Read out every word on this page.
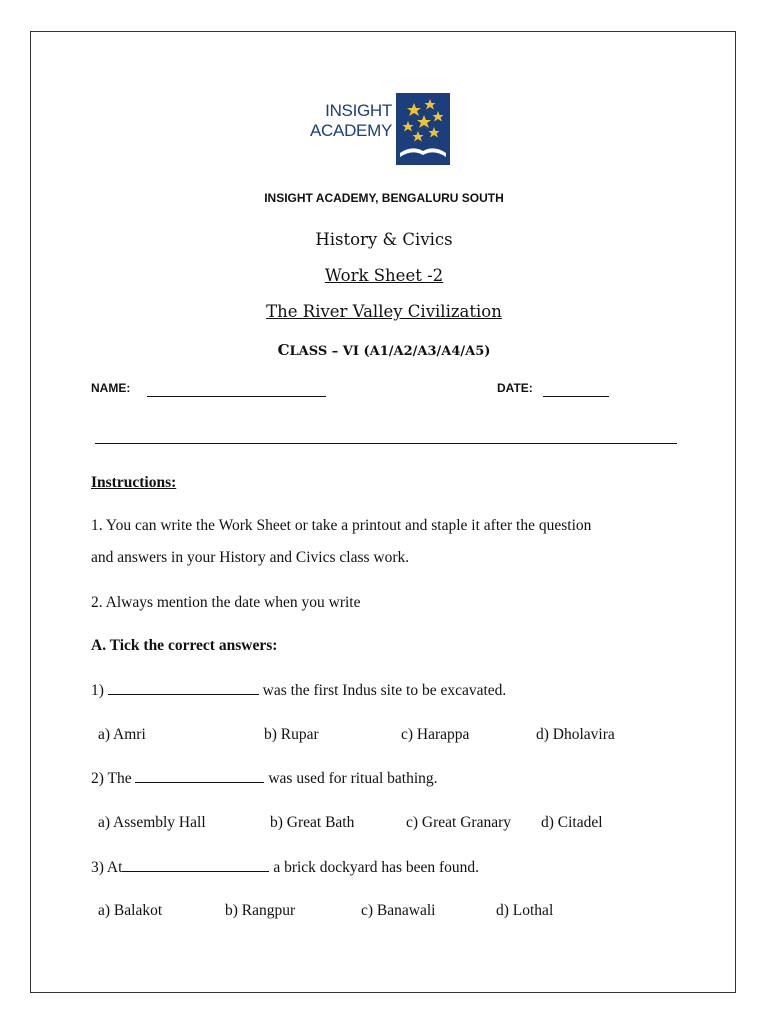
INSIGHT
ACADEMY
INSIGHT ACADEMY, BENGALURU SOUTH
History & Civics
Work Sheet -2
The River Valley Civilization
CLASS – VI (A1/A2/A3/A4/A5)
NAME:	DATE:
Instructions:
1. You can write the Work Sheet or take a printout and staple it after the question
and answers in your History and Civics class work.
2. Always mention the date when you write
A. Tick the correct answers:
1)	was the first Indus site to be excavated.
a) Amri	b) Rupar	c) Harappa	d) Dholavira
2) The	was used for ritual bathing.
a) Assembly Hall	b) Great Bath	c) Great Granary d) Citadel
3) At	a brick dockyard has been found.
a) Balakot	b) Rangpur	c) Banawali	d) Lothal
